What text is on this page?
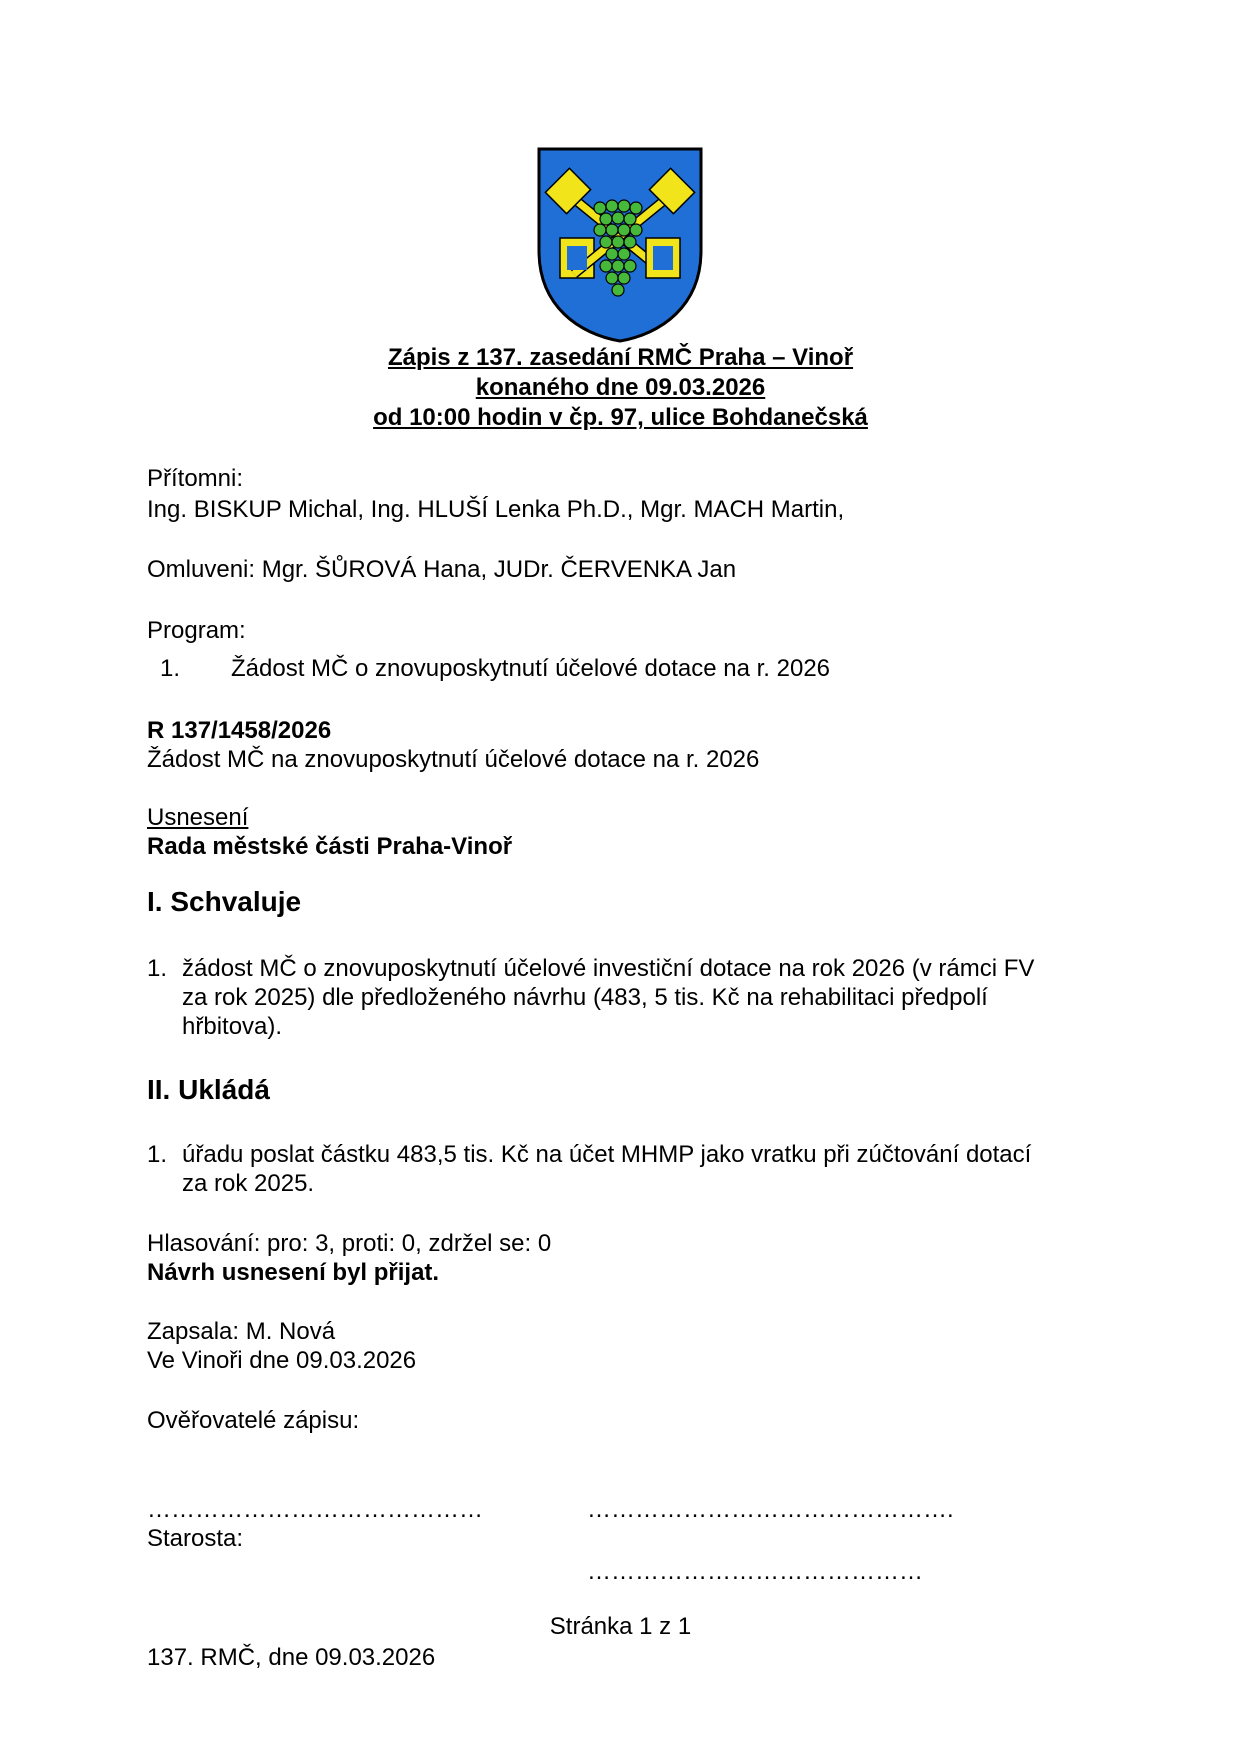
Zápis z 137. zasedání RMČ Praha – Vinoř
konaného dne 09.03.2026
od 10:00 hodin v čp. 97, ulice Bohdanečská
Přítomni:
Ing. BISKUP Michal, Ing. HLUŠÍ Lenka Ph.D., Mgr. MACH Martin,
Omluveni: Mgr. ŠŮROVÁ Hana, JUDr. ČERVENKA Jan
Program:
1. Žádost MČ o znovuposkytnutí účelové dotace na r. 2026
R 137/1458/2026
Žádost MČ na znovuposkytnutí účelové dotace na r. 2026
Usnesení
Rada městské části Praha-Vinoř
I. Schvaluje
1. žádost MČ o znovuposkytnutí účelové investiční dotace na rok 2026 (v rámci FV
za rok 2025) dle předloženého návrhu (483, 5 tis. Kč na rehabilitaci předpolí
hřbitova).
II. Ukládá
1. úřadu poslat částku 483,5 tis. Kč na účet MHMP jako vratku při zúčtování dotací
za rok 2025.
Hlasování: pro: 3, proti: 0, zdržel se: 0
Návrh usnesení byl přijat.
Zapsala: M. Nová
Ve Vinoři dne 09.03.2026
Ověřovatelé zápisu:
……………………………………	……………………………………….
Starosta:
……………………………………
Stránka 1 z 1
137. RMČ, dne 09.03.2026
